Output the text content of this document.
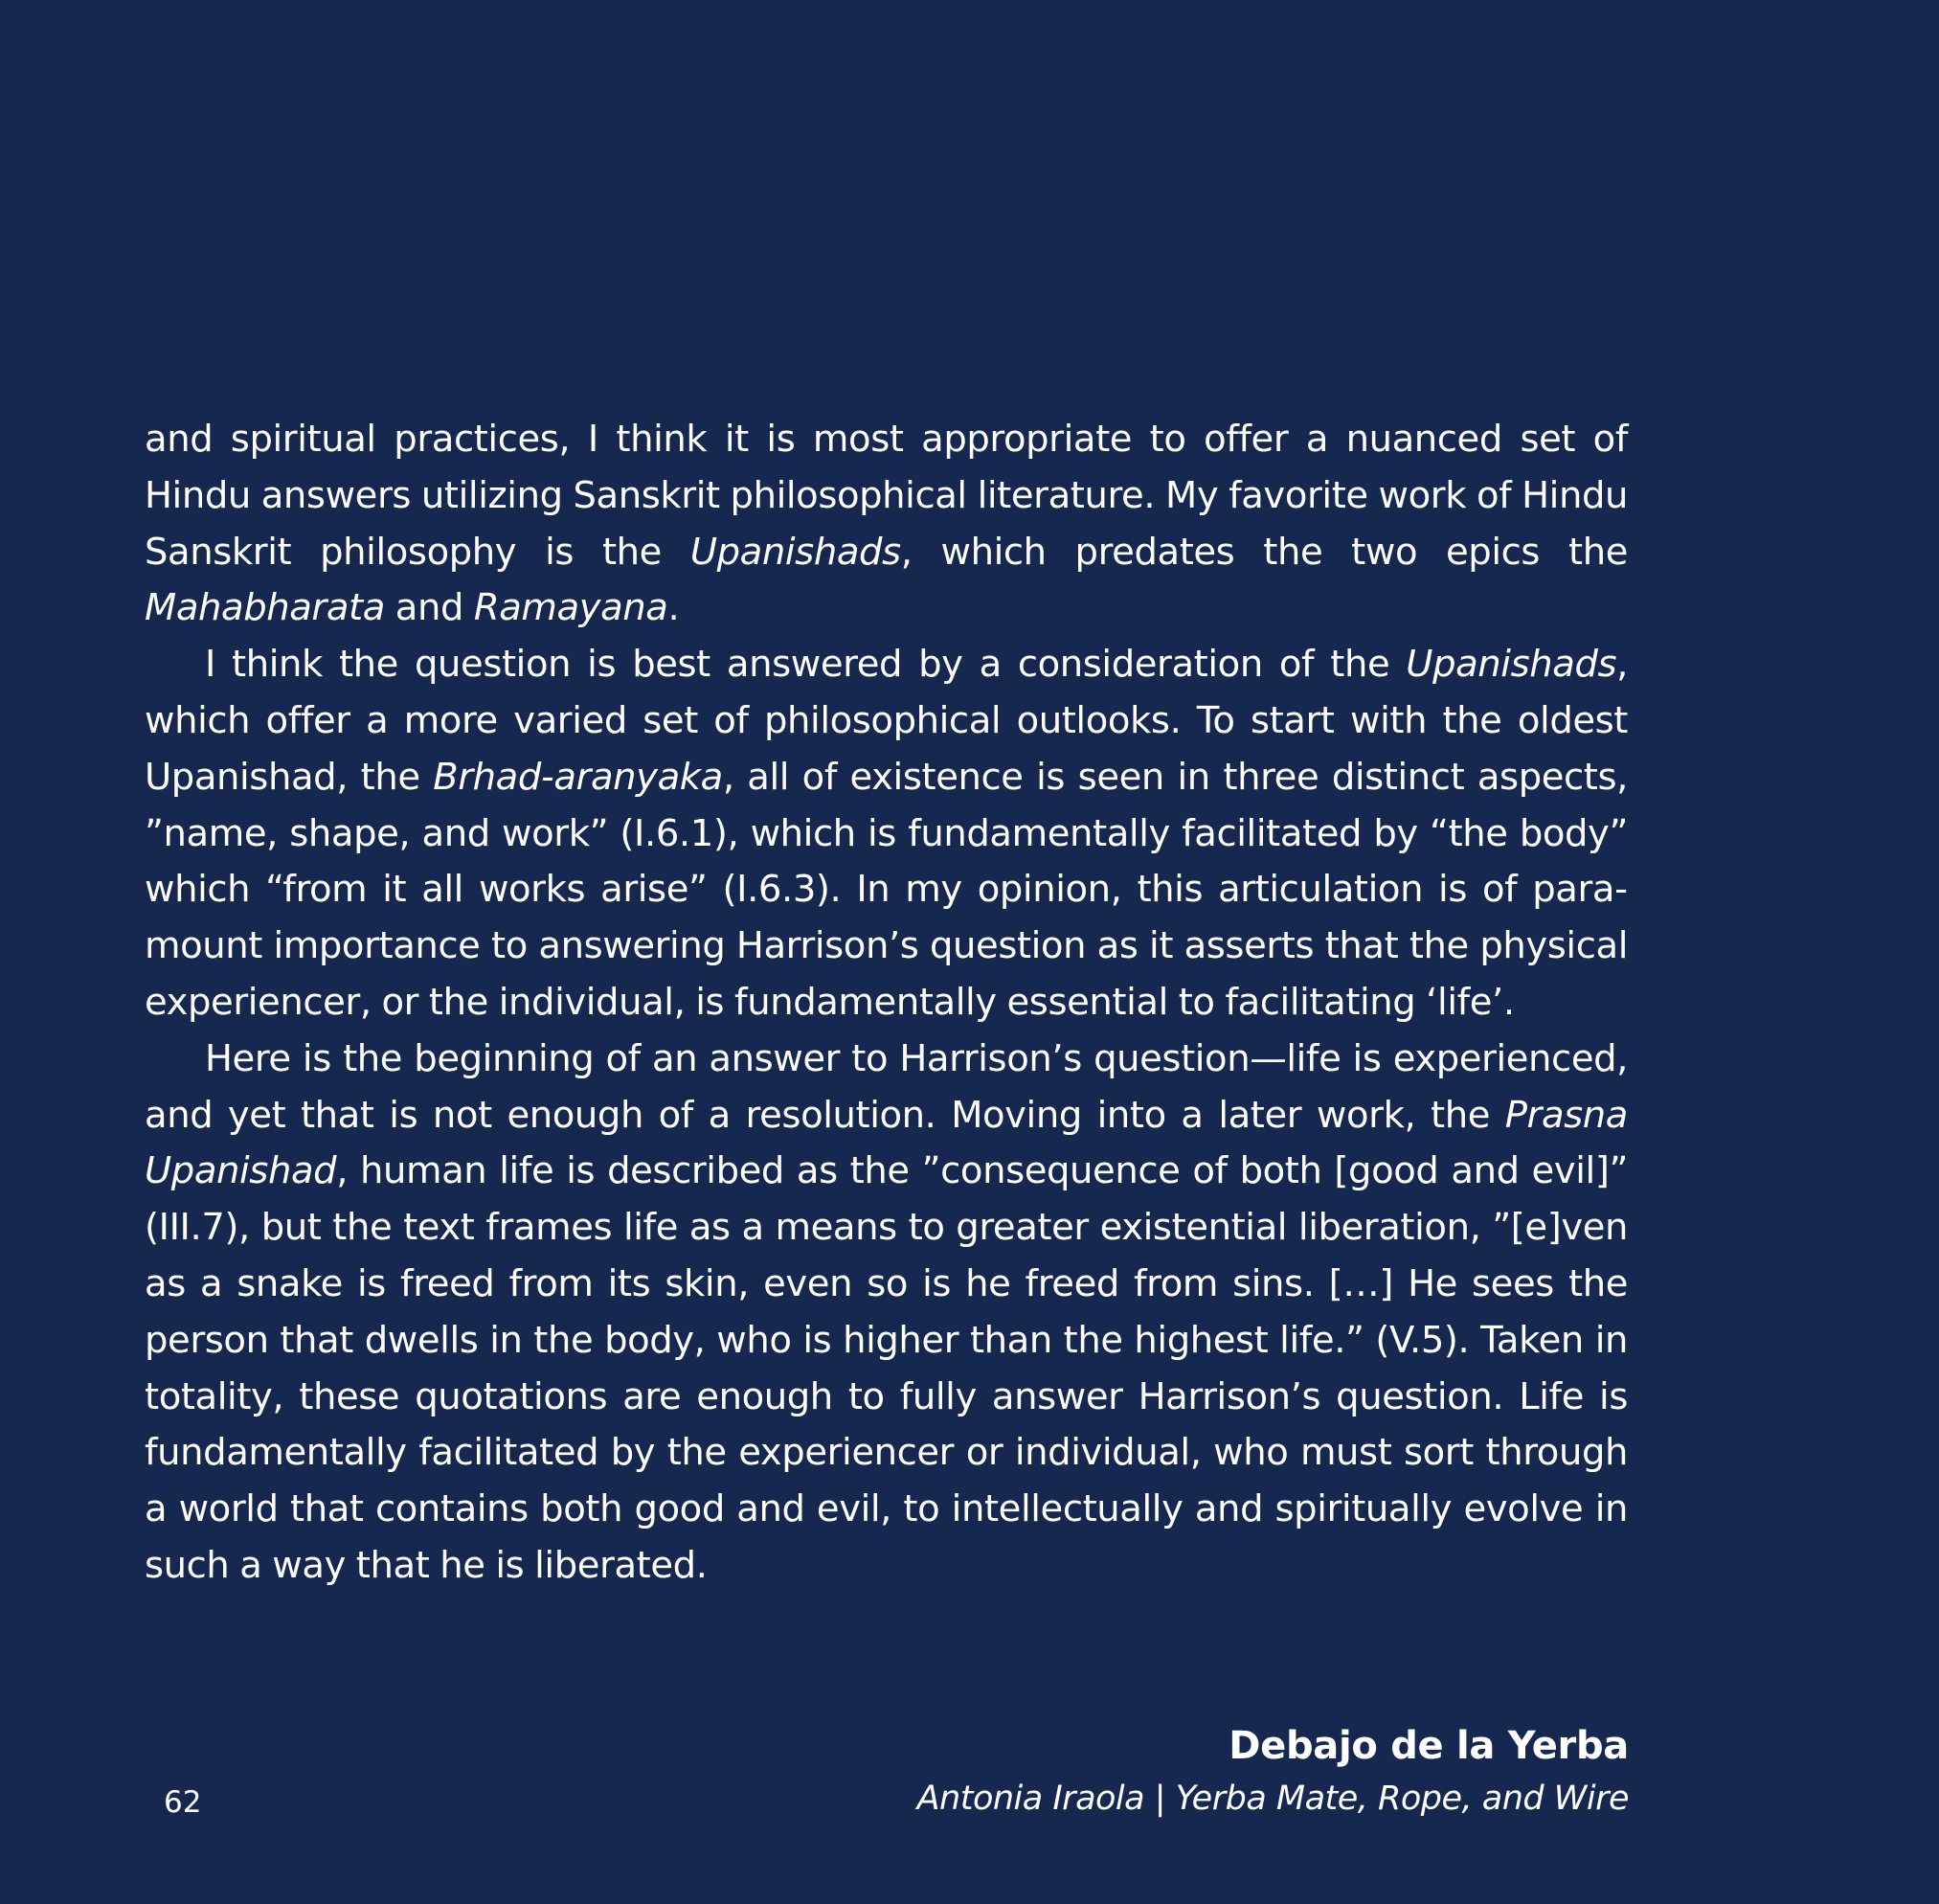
and spiritual practices, I think it is most appropriate to offer a nuanced set of Hindu answers utilizing Sanskrit philosophical literature. My favorite work of Hindu Sanskrit philosophy is the Upanishads, which predates the two epics the Mahabharata and Ramayana.

I think the question is best answered by a consideration of the Upanishads, which offer a more varied set of philosophical outlooks. To start with the oldest Upanishad, the Brhad-aranyaka, all of existence is seen in three distinct aspects, ”name, shape, and work” (I.6.1), which is fundamentally facilitated by “the body” which “from it all works arise” (I.6.3). In my opinion, this articulation is of paramount importance to answering Harrison’s question as it asserts that the physical experiencer, or the individual, is fundamentally essential to facilitating ‘life’.

Here is the beginning of an answer to Harrison’s question—life is experienced, and yet that is not enough of a resolution. Moving into a later work, the Prasna Upanishad, human life is described as the ”consequence of both [good and evil]” (III.7), but the text frames life as a means to greater existential liberation, ”[e]ven as a snake is freed from its skin, even so is he freed from sins. […] He sees the person that dwells in the body, who is higher than the highest life.” (V.5). Taken in totality, these quotations are enough to fully answer Harrison’s question. Life is fundamentally facilitated by the experiencer or individual, who must sort through a world that contains both good and evil, to intellectually and spiritually evolve in such a way that he is liberated.

Debajo de la Yerba
Antonia Iraola | Yerba Mate, Rope, and Wire
62
